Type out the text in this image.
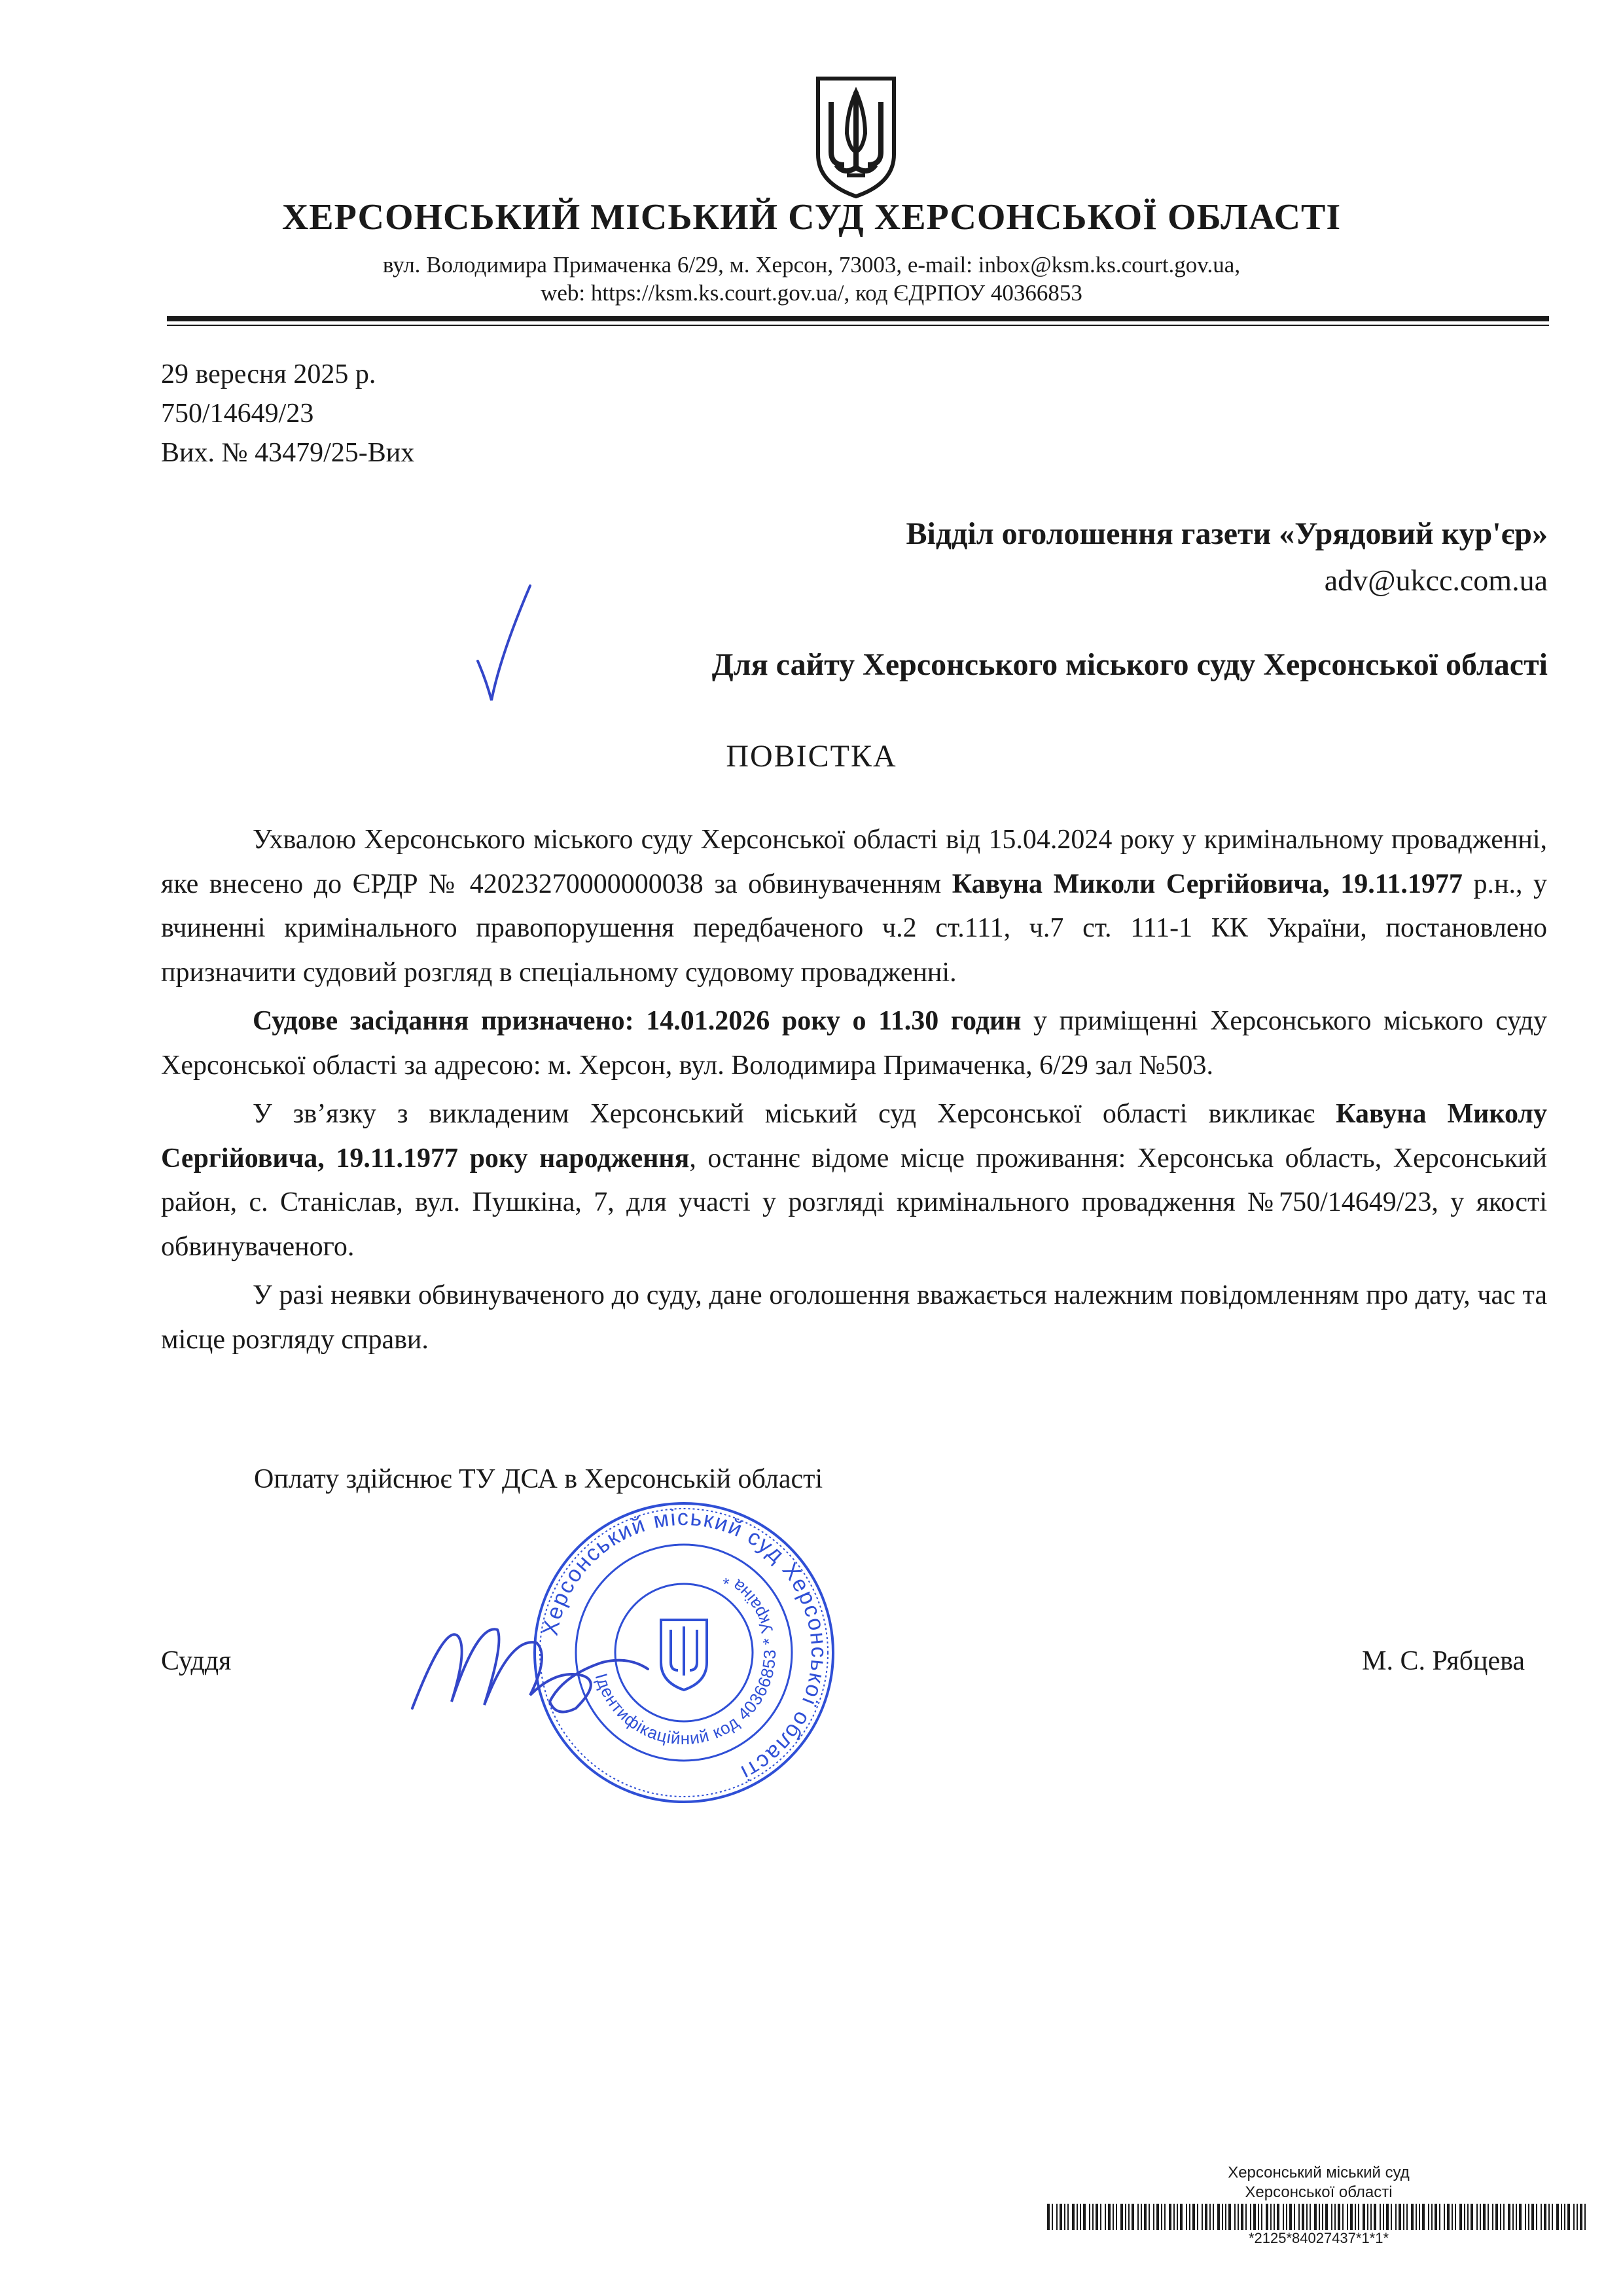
ХЕРСОНСЬКИЙ МІСЬКИЙ СУД ХЕРСОНСЬКОЇ ОБЛАСТІ
вул. Володимира Примаченка 6/29, м. Херсон, 73003, e-mail: inbox@ksm.ks.court.gov.ua,
web: https://ksm.ks.court.gov.ua/, код ЄДРПОУ 40366853
29 вересня 2025 р.
750/14649/23
Вих. № 43479/25-Вих
Відділ оголошення газети «Урядовий кур'єр»
adv@ukcc.com.ua
Для сайту Херсонського міського суду Херсонської області
ПОВІСТКА

Ухвалою Херсонського міського суду Херсонської області від 15.04.2024 року у кримінальному провадженні, яке внесено до ЄРДР № 42023270000000038 за обвинуваченням Кавуна Миколи Сергійовича, 19.11.1977 р.н., у вчиненні кримінального правопорушення передбаченого ч.2 ст.111, ч.7 ст. 111-1 КК України, постановлено призначити судовий розгляд в спеціальному судовому провадженні.

Судове засідання призначено: 14.01.2026 року о 11.30 годин у приміщенні Херсонського міського суду Херсонської області за адресою: м. Херсон, вул. Володимира Примаченка, 6/29 зал №503.

У зв’язку з викладеним Херсонський міський суд Херсонської області викликає Кавуна Миколу Сергійовича, 19.11.1977 року народження, останнє відоме місце проживання: Херсонська область, Херсонський район, с. Станіслав, вул. Пушкіна, 7, для участі у розгляді кримінального провадження №750/14649/23, у якості обвинуваченого.

У разі неявки обвинуваченого до суду, дане оголошення вважається належним повідомленням про дату, час та місце розгляду справи.

Оплату здійснює ТУ ДСА в Херсонській області
Херсонський міський суд Херсонської області
Ідентифікаційний код 40366853 * Україна *
Суддя	М. С. Рябцева
Херсонський міський суд
Херсонської області
*2125*84027437*1*1*
